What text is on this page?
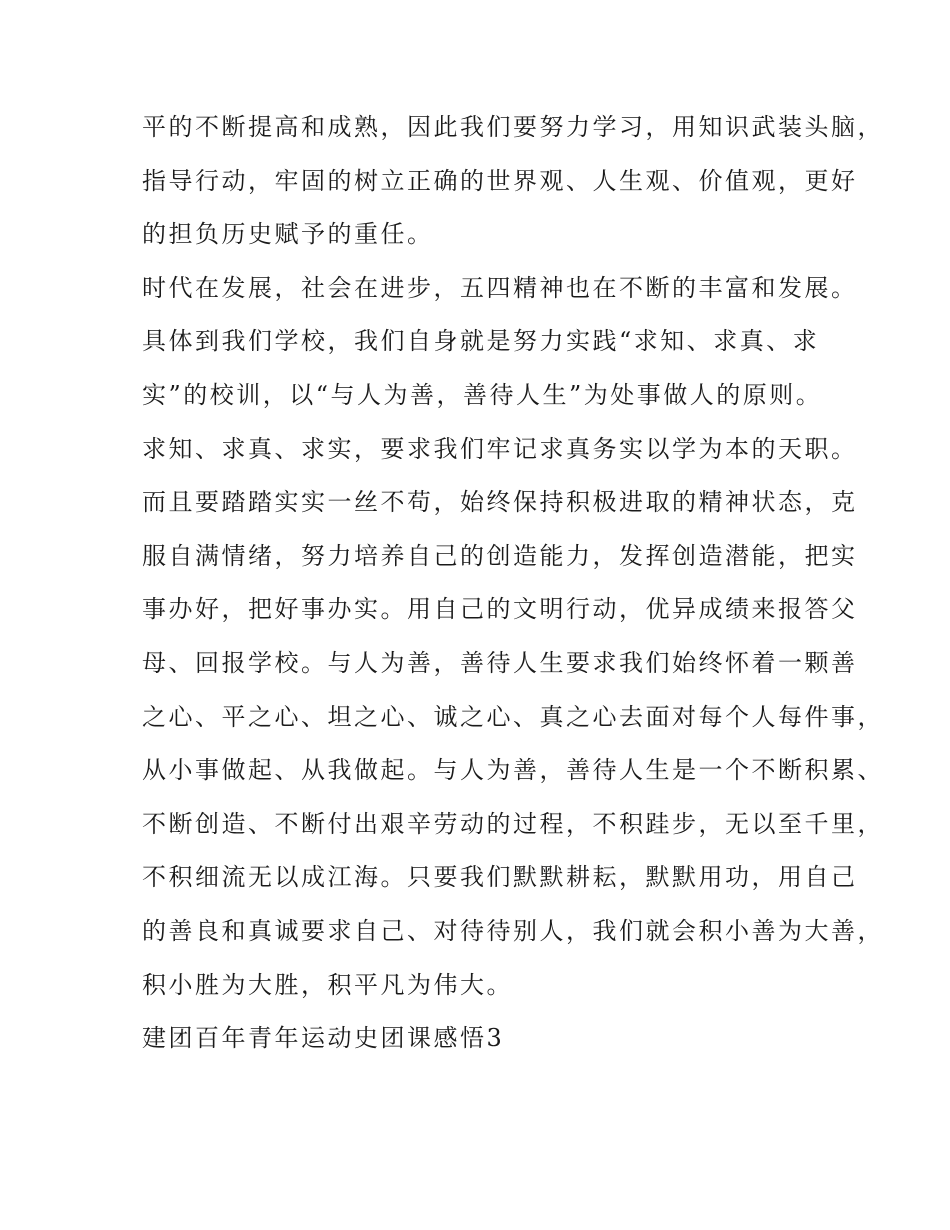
平的不断提高和成熟，因此我们要努力学习，用知识武装头脑，
指导行动，牢固的树立正确的世界观、人生观、价值观，更好
的担负历史赋予的重任。
时代在发展，社会在进步，五四精神也在不断的丰富和发展。
具体到我们学校，我们自身就是努力实践“求知、求真、求
实”的校训，以“与人为善，善待人生”为处事做人的原则。
求知、求真、求实，要求我们牢记求真务实以学为本的天职。
而且要踏踏实实一丝不苟，始终保持积极进取的精神状态，克
服自满情绪，努力培养自己的创造能力，发挥创造潜能，把实
事办好，把好事办实。用自己的文明行动，优异成绩来报答父
母、回报学校。与人为善，善待人生要求我们始终怀着一颗善
之心、平之心、坦之心、诚之心、真之心去面对每个人每件事，
从小事做起、从我做起。与人为善，善待人生是一个不断积累、
不断创造、不断付出艰辛劳动的过程，不积跬步，无以至千里，
不积细流无以成江海。只要我们默默耕耘，默默用功，用自己
的善良和真诚要求自己、对待待别人，我们就会积小善为大善，
积小胜为大胜，积平凡为伟大。
建团百年青年运动史团课感悟3
